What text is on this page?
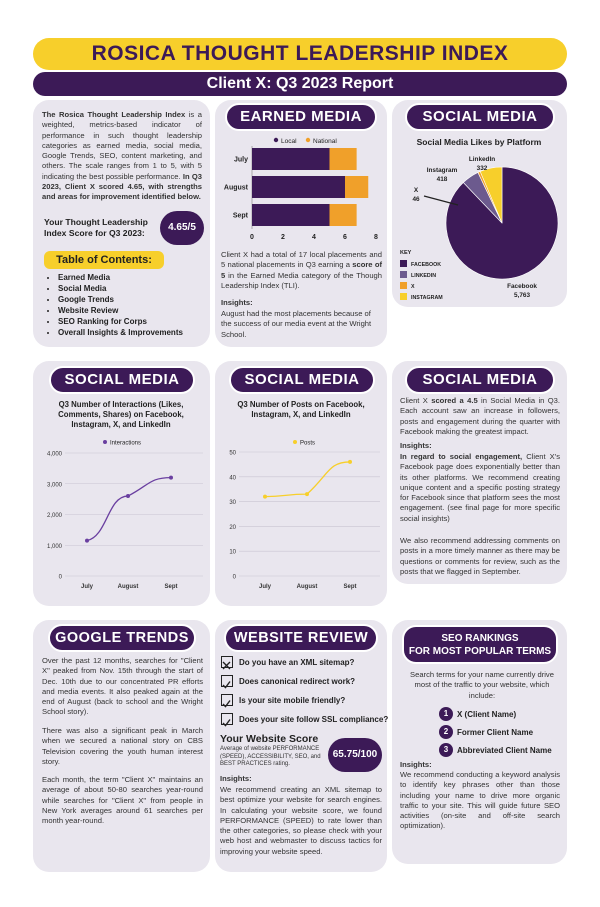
ROSICA THOUGHT LEADERSHIP INDEX
Client X: Q3 2023 Report
The Rosica Thought Leadership Index is a weighted, metrics-based indicator of performance in such thought leadership categories as earned media, social media, Google Trends, SEO, content marketing, and others. The scale ranges from 1 to 5, with 5 indicating the best possible performance. In Q3 2023, Client X scored 4.65, with strengths and areas for improvement identified below.
Your Thought Leadership Index Score for Q3 2023:	4.65/5
Table of Contents:
• Earned Media
• Social Media
• Google Trends
• Website Review
• SEO Ranking for Corps
• Overall Insights & Improvements
EARNED MEDIA
Local	National
July
August
Sept
0	2	4	6	8
Client X had a total of 17 local placements and 5 national placements in Q3 earning a score of 5 in the Earned Media category of the Though Leadership Index (TLI).
Insights:
August had the most placements because of the success of our media event at the Wright School.
SOCIAL MEDIA
Social Media Likes by Platform
LinkedIn
332
Instagram
418
X
46
Facebook
5,763
KEY
FACEBOOK
LINKEDIN
X
INSTAGRAM
SOCIAL MEDIA
Q3 Number of Interactions (Likes,
Comments, Shares) on Facebook,
Instagram, X, and LinkedIn
Interactions
0
1,000
2,000
3,000
4,000
July	August	Sept
SOCIAL MEDIA
Q3 Number of Posts on Facebook,
Instagram, X, and LinkedIn
Posts
0
10
20
30
40
50
July	August	Sept
SOCIAL MEDIA
Client X scored a 4.5 in Social Media in Q3. Each account saw an increase in followers, posts and engagement during the quarter with Facebook making the greatest impact.
Insights:
In regard to social engagement, Client X's Facebook page does exponentially better than its other platforms. We recommend creating unique content and a specific posting strategy for Facebook since that platform sees the most engagement. (see final page for more specific social insights)
We also recommend addressing comments on posts in a more timely manner as there may be questions or comments for review, such as the posts that we flagged in September.
GOOGLE TRENDS
Over the past 12 months, searches for "Client X" peaked from Nov. 15th through the start of Dec. 10th due to our concentrated PR efforts and media events. It also peaked again at the end of August (back to school and the Wright School story).
There was also a significant peak in March when we secured a national story on CBS Television covering the youth human interest story.
Each month, the term "Client X" maintains an average of about 50-80 searches year-round while searches for "Client X" from people in New York averages around 61 searches per month year-round.
WEBSITE REVIEW
Do you have an XML sitemap?
Does canonical redirect work?
Is your site mobile friendly?
Does your site follow SSL compliance?
Your Website Score
Average of website PERFORMANCE (SPEED), ACCESSIBILITY, SEO, and BEST PRACTICES rating.
65.75/100
Insights:
We recommend creating an XML sitemap to best optimize your website for search engines. In calculating your website score, we found PERFORMANCE (SPEED) to rate lower than the other categories, so please check with your web host and webmaster to discuss tactics for improving your website speed.
SEO RANKINGS
FOR MOST POPULAR TERMS
Search terms for your name currently drive most of the traffic to your website, which include:
1	X (Client Name)
2	Former Client Name
3	Abbreviated Client Name
Insights:
We recommend conducting a keyword analysis to identify key phrases other than those including your name to drive more organic traffic to your site. This will guide future SEO activities (on-site and off-site search optimization).
